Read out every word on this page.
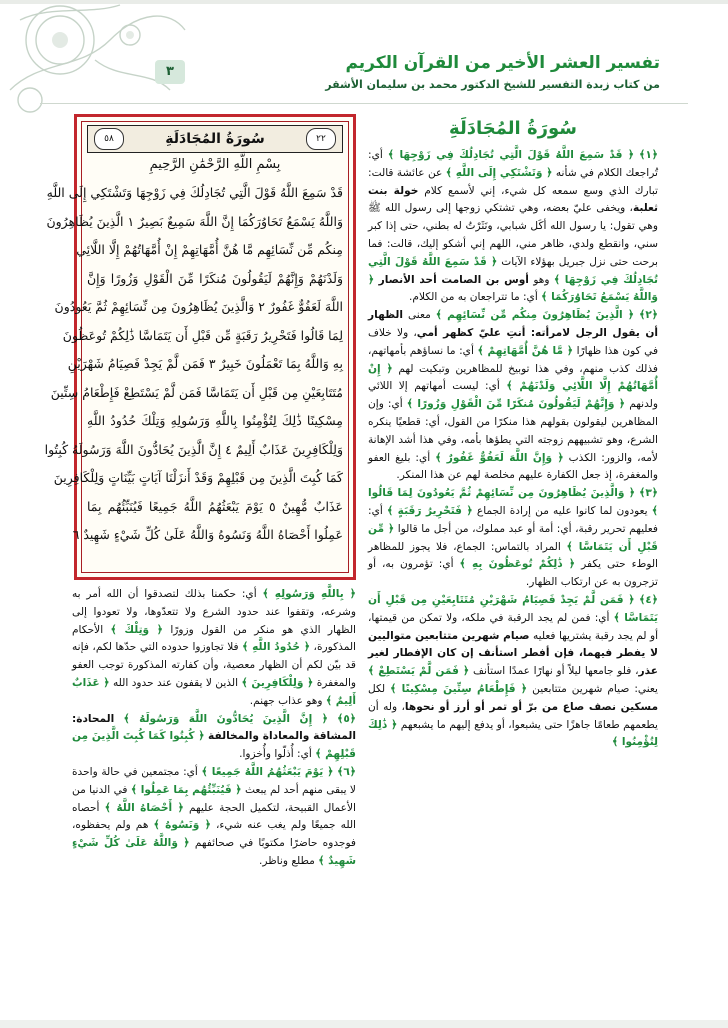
٣	تفسير العشر الأخير من القرآن الكريم
من كتاب زبدة التفسير للشيخ الدكتور محمد بن سليمان الأشقر
٥٨	سُورَةُ المُجَادَلَةِ	٢٢
بِسْمِ اللَّهِ الرَّحْمَٰنِ الرَّحِيمِ
قَدْ سَمِعَ اللَّهُ قَوْلَ الَّتِي تُجَادِلُكَ فِي زَوْجِهَا وَتَشْتَكِي إِلَى اللَّهِ
وَاللَّهُ يَسْمَعُ تَحَاوُرَكُمَا إِنَّ اللَّهَ سَمِيعٌ بَصِيرٌ ١ الَّذِينَ يُظَاهِرُونَ
مِنكُم مِّن نِّسَائِهِم مَّا هُنَّ أُمَّهَاتِهِمْ إِنْ أُمَّهَاتُهُمْ إِلَّا اللَّائِي
وَلَدْنَهُمْ وَإِنَّهُمْ لَيَقُولُونَ مُنكَرًا مِّنَ الْقَوْلِ وَزُورًا وَإِنَّ
اللَّهَ لَعَفُوٌّ غَفُورٌ ٢ وَالَّذِينَ يُظَاهِرُونَ مِن نِّسَائِهِمْ ثُمَّ يَعُودُونَ
لِمَا قَالُوا فَتَحْرِيرُ رَقَبَةٍ مِّن قَبْلِ أَن يَتَمَاسَّا ذَٰلِكُمْ تُوعَظُونَ
بِهِ وَاللَّهُ بِمَا تَعْمَلُونَ خَبِيرٌ ٣ فَمَن لَّمْ يَجِدْ فَصِيَامُ شَهْرَيْنِ
مُتَتَابِعَيْنِ مِن قَبْلِ أَن يَتَمَاسَّا فَمَن لَّمْ يَسْتَطِعْ فَإِطْعَامُ سِتِّينَ
مِسْكِينًا ذَٰلِكَ لِتُؤْمِنُوا بِاللَّهِ وَرَسُولِهِ وَتِلْكَ حُدُودُ اللَّهِ
وَلِلْكَافِرِينَ عَذَابٌ أَلِيمٌ ٤ إِنَّ الَّذِينَ يُحَادُّونَ اللَّهَ وَرَسُولَهُ كُبِتُوا
كَمَا كُبِتَ الَّذِينَ مِن قَبْلِهِمْ وَقَدْ أَنزَلْنَا آيَاتٍ بَيِّنَاتٍ وَلِلْكَافِرِينَ
عَذَابٌ مُّهِينٌ ٥ يَوْمَ يَبْعَثُهُمُ اللَّهُ جَمِيعًا فَيُنَبِّئُهُم بِمَا
عَمِلُوا أَحْصَاهُ اللَّهُ وَنَسُوهُ وَاللَّهُ عَلَىٰ كُلِّ شَيْءٍ شَهِيدٌ ٦
سُورَةُ المُجَادَلَةِ
﴿١﴾ ﴿ قَدْ سَمِعَ اللَّهُ قَوْلَ الَّتِي تُجَادِلُكَ فِي زَوْجِهَا ﴾ أي: تُراجعك الكلام في شأنه ﴿ وَتَشْتَكِي إِلَى اللَّهِ ﴾ عن عائشة قالت: تبارك الذي وسع سمعه كل شيء، إني لأسمع كلام خولة بنت ثعلبة، ويخفى عليّ بعضه، وهي تشتكي زوجها إلى رسول الله ﷺ وهي تقول: يا رسول الله أكَل شبابي، ونَثَرْتُ له بطني، حتى إذا كبر سني، وانقطع ولدي، ظاهر مني، اللهم إني أشكو إليك، قالت: فما برحت حتى نزل جبريل بهؤلاء الآيات ﴿ قَدْ سَمِعَ اللَّهُ قَوْلَ الَّتِي تُجَادِلُكَ فِي زَوْجِهَا ﴾ وهو أوس بن الصامت أحد الأنصار ﴿ وَاللَّهُ يَسْمَعُ تَحَاوُرَكُمَا ﴾ أي: ما تتراجعان به من الكلام.
﴿٢﴾ ﴿ الَّذِينَ يُظَاهِرُونَ مِنكُم مِّن نِّسَائِهِم ﴾ معنى الظهار أن يقول الرجل لامرأته: أنتِ عليّ كظهر أمي، ولا خلاف في كون هذا ظهارًا ﴿ مَّا هُنَّ أُمَّهَاتِهِمْ ﴾ أي: ما نساؤهم بأمهاتهم، فذلك كذب منهم، وفي هذا توبيخ للمظاهرين وتبكيت لهم ﴿ إِنْ أُمَّهَاتُهُمْ إِلَّا اللَّائِي وَلَدْنَهُمْ ﴾ أي: ليست أمهاتهم إلا اللائي ولدنهم ﴿ وَإِنَّهُمْ لَيَقُولُونَ مُنكَرًا مِّنَ الْقَوْلِ وَزُورًا ﴾ أي: وإن المظاهرين ليقولون بقولهم هذا منكرًا من القول، أي: قطعيًا ينكره الشرع، وهو تشبيههم زوجته التي يطؤها بأمه، وفي هذا أشد الإهانة لأمه، والزور: الكذب ﴿ وَإِنَّ اللَّهَ لَعَفُوٌّ غَفُورٌ ﴾ أي: بليغ العفو والمغفرة، إذ جعل الكفارة عليهم مخلصة لهم عن هذا المنكر.
﴿٣﴾ ﴿ وَالَّذِينَ يُظَاهِرُونَ مِن نِّسَائِهِمْ ثُمَّ يَعُودُونَ لِمَا قَالُوا ﴾ يعودون لما كانوا عليه من إرادة الجماع ﴿ فَتَحْرِيرُ رَقَبَةٍ ﴾ أي: فعليهم تحرير رقبة، أي: أمة أو عبد مملوك، من أجل ما قالوا ﴿ مِّن قَبْلِ أَن يَتَمَاسَّا ﴾ المراد بالتماس: الجماع، فلا يجوز للمظاهر الوطء حتى يكفر ﴿ ذَٰلِكُمْ تُوعَظُونَ بِهِ ﴾ أي: تؤمرون به، أو تزجرون به عن ارتكاب الظهار.
﴿٤﴾ ﴿ فَمَن لَّمْ يَجِدْ فَصِيَامُ شَهْرَيْنِ مُتَتَابِعَيْنِ مِن قَبْلِ أَن يَتَمَاسَّا ﴾ أي: فمن لم يجد الرقبة في ملكه، ولا تمكن من قيمتها، أو لم يجد رقبة يشتريها فعليه صيام شهرين متتابعين متواليين لا يفطر فيهما، فإن أفطر استأنف إن كان الإفطار لغير عذر، فلو جامعها ليلاً أو نهارًا عمدًا استأنف ﴿ فَمَن لَّمْ يَسْتَطِعْ ﴾ يعني: صيام شهرين متتابعين ﴿ فَإِطْعَامُ سِتِّينَ مِسْكِينًا ﴾ لكل مسكين نصف صاع من برّ أو تمر أو أرز أو نحوها، وله أن يطعمهم طعامًا جاهزًا حتى يشبعوا، أو يدفع إليهم ما يشبعهم ﴿ ذَٰلِكَ لِتُؤْمِنُوا ﴾
﴿ بِاللَّهِ وَرَسُولِهِ ﴾ أي: حكمنا بذلك لتصدقوا أن الله أمر به وشرعه، وتقفوا عند حدود الشرع ولا تتعدّوها، ولا تعودوا إلى الظهار الذي هو منكر من القول وزورًا ﴿ وَتِلْكَ ﴾ الأحكام المذكورة، ﴿ حُدُودُ اللَّهِ ﴾ فلا تجاوزوا حدوده التي حدّها لكم، فإنه قد بيّن لكم أن الظهار معصية، وأن كفارته المذكورة توجب العفو والمغفرة ﴿ وَلِلْكَافِرِينَ ﴾ الذين لا يقفون عند حدود الله ﴿ عَذَابٌ أَلِيمٌ ﴾ وهو عذاب جهنم.
﴿٥﴾ ﴿ إِنَّ الَّذِينَ يُحَادُّونَ اللَّهَ وَرَسُولَهُ ﴾ المحادة: المشاقة والمعاداة والمخالفة ﴿ كُبِتُوا كَمَا كُبِتَ الَّذِينَ مِن قَبْلِهِمْ ﴾ أي: أُذلّوا وأُخزوا.
﴿٦﴾ ﴿ يَوْمَ يَبْعَثُهُمُ اللَّهُ جَمِيعًا ﴾ أي: مجتمعين في حالة واحدة لا يبقى منهم أحد لم يبعث ﴿ فَيُنَبِّئُهُم بِمَا عَمِلُوا ﴾ في الدنيا من الأعمال القبيحة، لتكميل الحجة عليهم ﴿ أَحْصَاهُ اللَّهُ ﴾ أحصاه الله جميعًا ولم يغب عنه شيء، ﴿ وَنَسُوهُ ﴾ هم ولم يحفظوه، فوجدوه حاضرًا مكتوبًا في صحائفهم ﴿ وَاللَّهُ عَلَىٰ كُلِّ شَيْءٍ شَهِيدٌ ﴾ مطلع وناظر.
